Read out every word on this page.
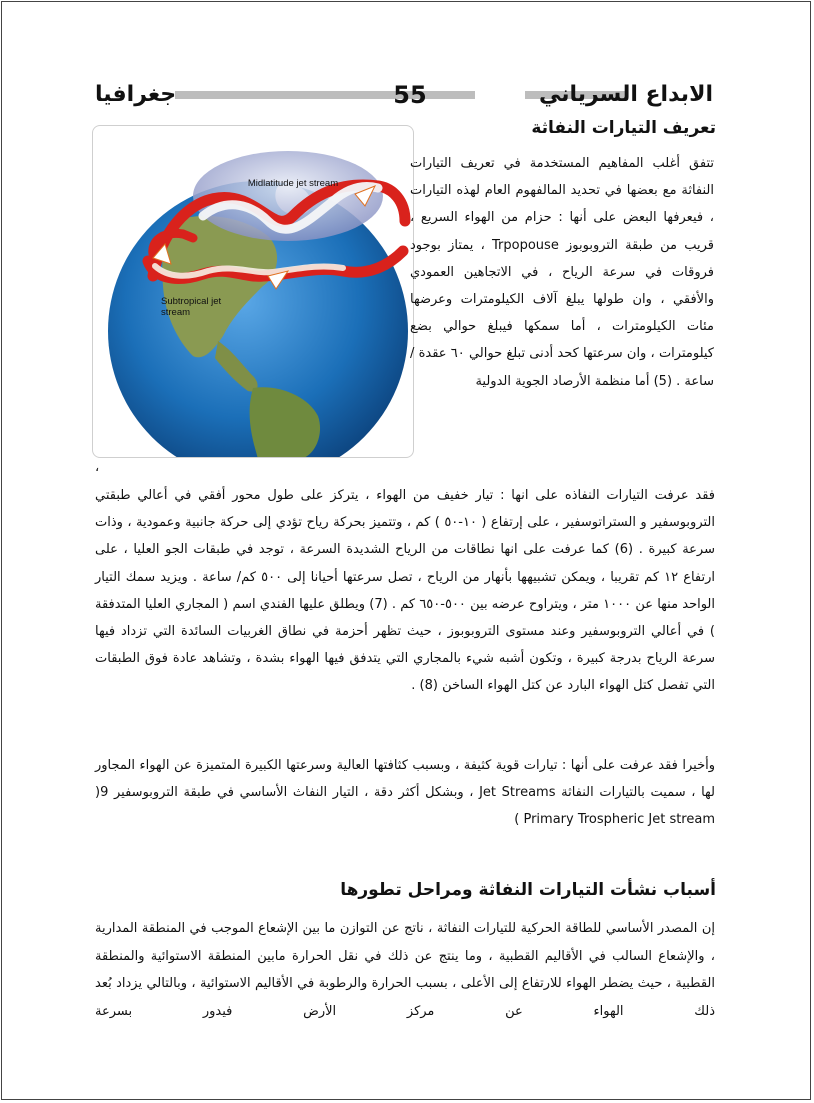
جغرافيا	55	الابداع السرياني
Midlatitude jet stream
Subtropical jet stream
تعريف التيارات النفاثة
تتفق أغلب المفاهيم المستخدمة في تعريف التيارات النفاثة مع بعضها في تحديد المالفهوم العام لهذه التيارات ، فيعرفها البعض على أنها : حزام من الهواء السريع ، قريب من طبقة التروبوبوز Trpopouse ، يمتاز بوجود فروقات في سرعة الرياح ، في الاتجاهين العمودي والأفقي ، وان طولها يبلغ آلاف الكيلومترات وعرضها مئات الكيلومترات ، أما سمكها فيبلغ حوالي بضع كيلومترات ، وان سرعتها كحد أدنى تبلغ حوالي ٦٠ عقدة / ساعة . (5) أما منظمة الأرصاد الجوية الدولية
،
فقد عرفت التيارات النفاذه على انها : تيار خفيف من الهواء ، يتركز على طول محور أفقي في أعالي طبقتي التروبوسفير و الستراتوسفير ، على إرتفاع ( ١٠-٥٠ ) كم ، وتتميز بحركة رياح تؤدي إلى حركة جانبية وعمودية ، وذات سرعة كبيرة . (6) كما عرفت على انها نطاقات من الرياح الشديدة السرعة ، توجد في طبقات الجو العليا ، على ارتفاع ١٢ كم تقريبا ، ويمكن تشبيهها بأنهار من الرياح ، تصل سرعتها أحيانا إلى ٥٠٠ كم/ ساعة . ويزيد سمك التيار الواحد منها عن ١٠٠٠ متر ، ويتراوح عرضه بين ٥٠٠-٦٥٠ كم . (7) ويطلق عليها الفندي اسم ( المجاري العليا المتدفقة ) في أعالي التروبوسفير وعند مستوى التروبوبوز ، حيث تظهر أحزمة في نطاق الغربيات السائدة التي تزداد فيها سرعة الرياح بدرجة كبيرة ، وتكون أشبه شيء بالمجاري التي يتدفق فيها الهواء بشدة ، وتشاهد عادة فوق الطبقات التي تفصل كتل الهواء البارد عن كتل الهواء الساخن (8) .
وأخيرا فقد عرفت على أنها : تيارات قوية كثيفة ، وبسبب كثافتها العالية وسرعتها الكبيرة المتميزة عن الهواء المجاور لها ، سميت بالتيارات النفاثة Jet Streams ، وبشكل أكثر دقة ، التيار النفاث الأساسي في طبقة التروبوسفير 9( Primary Trospheric Jet stream )
أسباب نشأت التيارات النفاثة ومراحل تطورها
إن المصدر الأساسي للطاقة الحركية للتيارات النفاثة ، ناتج عن التوازن ما بين الإشعاع الموجب في المنطقة المدارية ، والإشعاع السالب في الأقاليم القطبية ، وما ينتج عن ذلك في نقل الحرارة مابين المنطقة الاستوائية والمنطقة القطبية ، حيث يضطر الهواء للارتفاع إلى الأعلى ، بسبب الحرارة والرطوبة في الأقاليم الاستوائية ، وبالتالي يزداد بُعد ذلك الهواء عن مركز الأرض فيدور بسرعة
